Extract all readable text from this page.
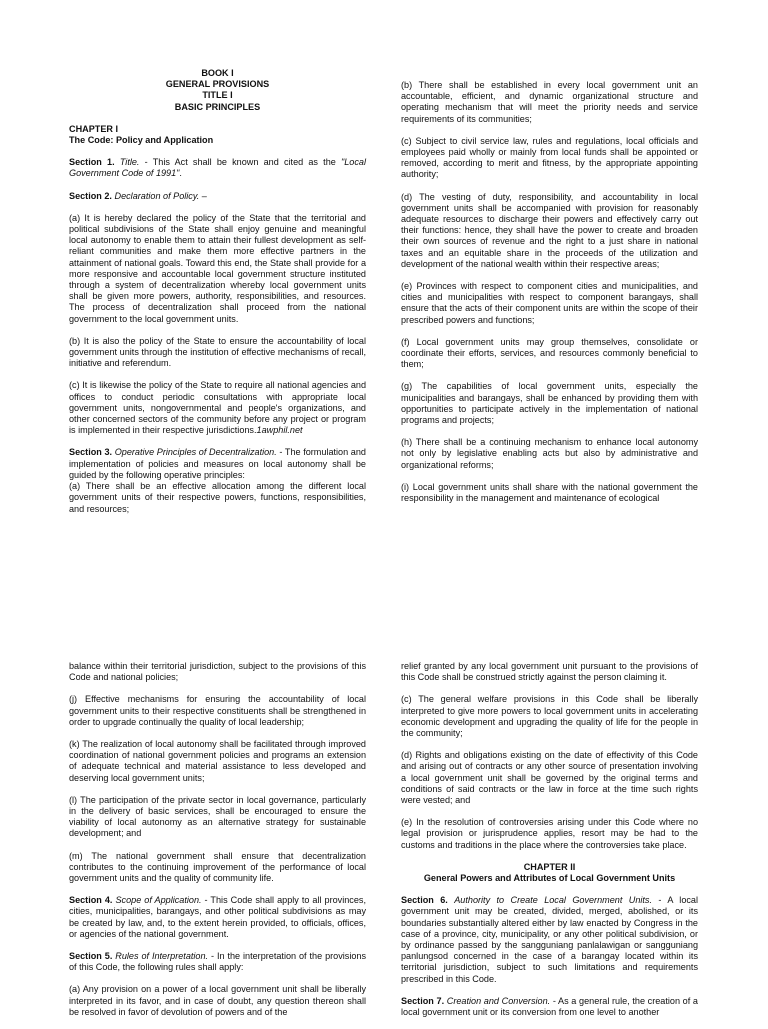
BOOK I
GENERAL PROVISIONS
TITLE I
BASIC PRINCIPLES
CHAPTER I
The Code: Policy and Application

Section 1. Title. - This Act shall be known and cited as the "Local Government Code of 1991".

Section 2. Declaration of Policy. –

(a) It is hereby declared the policy of the State that the territorial and political subdivisions of the State shall enjoy genuine and meaningful local autonomy to enable them to attain their fullest development as self-reliant communities and make them more effective partners in the attainment of national goals. Toward this end, the State shall provide for a more responsive and accountable local government structure instituted through a system of decentralization whereby local government units shall be given more powers, authority, responsibilities, and resources. The process of decentralization shall proceed from the national government to the local government units.

(b) It is also the policy of the State to ensure the accountability of local government units through the institution of effective mechanisms of recall, initiative and referendum.

(c) It is likewise the policy of the State to require all national agencies and offices to conduct periodic consultations with appropriate local government units, nongovernmental and people's organizations, and other concerned sectors of the community before any project or program is implemented in their respective jurisdictions.1awphil.net

Section 3. Operative Principles of Decentralization. - The formulation and implementation of policies and measures on local autonomy shall be guided by the following operative principles:
(a) There shall be an effective allocation among the different local government units of their respective powers, functions, responsibilities, and resources;

(b) There shall be established in every local government unit an accountable, efficient, and dynamic organizational structure and operating mechanism that will meet the priority needs and service requirements of its communities;

(c) Subject to civil service law, rules and regulations, local officials and employees paid wholly or mainly from local funds shall be appointed or removed, according to merit and fitness, by the appropriate appointing authority;

(d) The vesting of duty, responsibility, and accountability in local government units shall be accompanied with provision for reasonably adequate resources to discharge their powers and effectively carry out their functions: hence, they shall have the power to create and broaden their own sources of revenue and the right to a just share in national taxes and an equitable share in the proceeds of the utilization and development of the national wealth within their respective areas;

(e) Provinces with respect to component cities and municipalities, and cities and municipalities with respect to component barangays, shall ensure that the acts of their component units are within the scope of their prescribed powers and functions;

(f) Local government units may group themselves, consolidate or coordinate their efforts, services, and resources commonly beneficial to them;

(g) The capabilities of local government units, especially the municipalities and barangays, shall be enhanced by providing them with opportunities to participate actively in the implementation of national programs and projects;

(h) There shall be a continuing mechanism to enhance local autonomy not only by legislative enabling acts but also by administrative and organizational reforms;

(i) Local government units shall share with the national government the responsibility in the management and maintenance of ecological

balance within their territorial jurisdiction, subject to the provisions of this Code and national policies;

(j) Effective mechanisms for ensuring the accountability of local government units to their respective constituents shall be strengthened in order to upgrade continually the quality of local leadership;

(k) The realization of local autonomy shall be facilitated through improved coordination of national government policies and programs an extension of adequate technical and material assistance to less developed and deserving local government units;

(l) The participation of the private sector in local governance, particularly in the delivery of basic services, shall be encouraged to ensure the viability of local autonomy as an alternative strategy for sustainable development; and

(m) The national government shall ensure that decentralization contributes to the continuing improvement of the performance of local government units and the quality of community life.

Section 4. Scope of Application. - This Code shall apply to all provinces, cities, municipalities, barangays, and other political subdivisions as may be created by law, and, to the extent herein provided, to officials, offices, or agencies of the national government.

Section 5. Rules of Interpretation. - In the interpretation of the provisions of this Code, the following rules shall apply:

(a) Any provision on a power of a local government unit shall be liberally interpreted in its favor, and in case of doubt, any question thereon shall be resolved in favor of devolution of powers and of the

relief granted by any local government unit pursuant to the provisions of this Code shall be construed strictly against the person claiming it.

(c) The general welfare provisions in this Code shall be liberally interpreted to give more powers to local government units in accelerating economic development and upgrading the quality of life for the people in the community;

(d) Rights and obligations existing on the date of effectivity of this Code and arising out of contracts or any other source of presentation involving a local government unit shall be governed by the original terms and conditions of said contracts or the law in force at the time such rights were vested; and

(e) In the resolution of controversies arising under this Code where no legal provision or jurisprudence applies, resort may be had to the customs and traditions in the place where the controversies take place.

CHAPTER II
General Powers and Attributes of Local Government Units

Section 6. Authority to Create Local Government Units. - A local government unit may be created, divided, merged, abolished, or its boundaries substantially altered either by law enacted by Congress in the case of a province, city, municipality, or any other political subdivision, or by ordinance passed by the sangguniang panlalawigan or sangguniang panlungsod concerned in the case of a barangay located within its territorial jurisdiction, subject to such limitations and requirements prescribed in this Code.

Section 7. Creation and Conversion. - As a general rule, the creation of a local government unit or its conversion from one level to another
